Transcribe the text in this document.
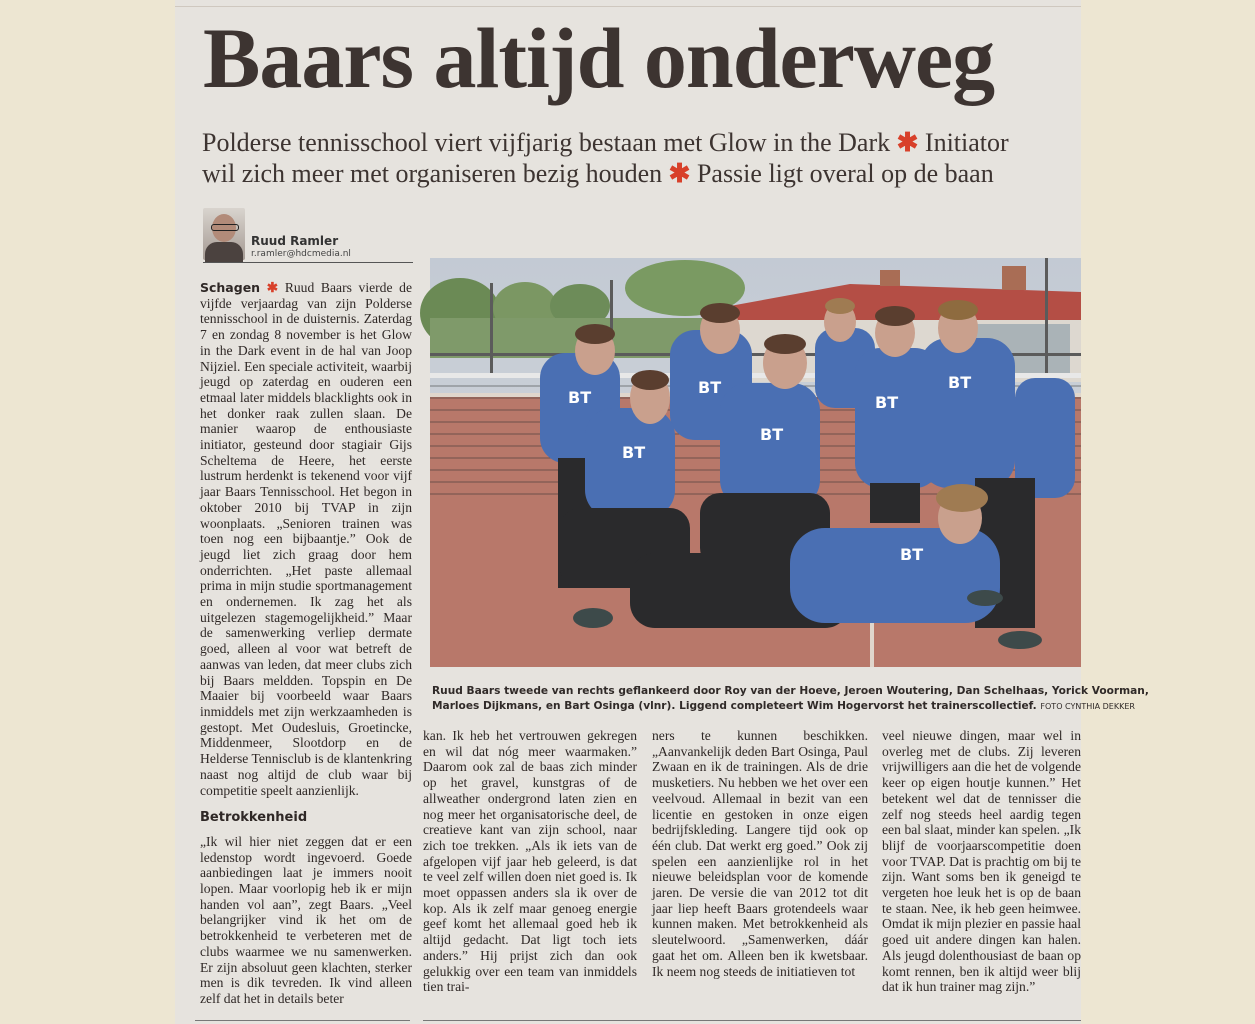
Baars altijd onderweg
Polderse tennisschool viert vijfjarig bestaan met Glow in the Dark ✱ Initiator
wil zich meer met organiseren bezig houden ✱ Passie ligt overal op de baan
Ruud Ramler
r.ramler@hdcmedia.nl

Schagen ✱ Ruud Baars vierde de vijfde verjaardag van zijn Polderse tennisschool in de duisternis. Zaterdag 7 en zondag 8 november is het Glow in the Dark event in de hal van Joop Nijziel. Een speciale activiteit, waarbij jeugd op zaterdag en ouderen een etmaal later middels blacklights ook in het donker raak zullen slaan. De manier waarop de enthousiaste initiator, gesteund door stagiair Gijs Scheltema de Heere, het eerste lustrum herdenkt is tekenend voor vijf jaar Baars Tennisschool. Het begon in oktober 2010 bij TVAP in zijn woonplaats. „Senioren trainen was toen nog een bijbaantje.” Ook de jeugd liet zich graag door hem onderrichten. „Het paste allemaal prima in mijn studie sportmanagement en ondernemen. Ik zag het als uitgelezen stagemogelijkheid.” Maar de samenwerking verliep dermate goed, alleen al voor wat betreft de aanwas van leden, dat meer clubs zich bij Baars meldden. Topspin en De Maaier bij voorbeeld waar Baars inmiddels met zijn werkzaamheden is gestopt. Met Oudesluis, Groetincke, Middenmeer, Slootdorp en de Helderse Tennisclub is de klantenkring naast nog altijd de club waar bij competitie speelt aanzienlijk.

Betrokkenheid

„Ik wil hier niet zeggen dat er een ledenstop wordt ingevoerd. Goede aanbiedingen laat je immers nooit lopen. Maar voorlopig heb ik er mijn handen vol aan”, zegt Baars. „Veel belangrijker vind ik het om de betrokkenheid te verbeteren met de clubs waarmee we nu samenwerken. Er zijn absoluut geen klachten, sterker men is dik tevreden. Ik vind alleen zelf dat het in details beter

BT
BT
BT
BT
BT
BT
BT
Ruud Baars tweede van rechts geflankeerd door Roy van der Hoeve, Jeroen Woutering, Dan Schelhaas, Yorick Voorman,
Marloes Dijkmans, en Bart Osinga (vlnr). Liggend completeert Wim Hogervorst het trainerscollectief. FOTO CYNTHIA DEKKER

kan. Ik heb het vertrouwen gekregen en wil dat nóg meer waarmaken.” Daarom ook zal de baas zich minder op het gravel, kunstgras of de allweather ondergrond laten zien en nog meer het organisatorische deel, de creatieve kant van zijn school, naar zich toe trekken. „Als ik iets van de afgelopen vijf jaar heb geleerd, is dat te veel zelf willen doen niet goed is. Ik moet oppassen anders sla ik over de kop. Als ik zelf maar genoeg energie geef komt het allemaal goed heb ik altijd gedacht. Dat ligt toch iets anders.” Hij prijst zich dan ook gelukkig over een team van inmiddels tien trai-

ners te kunnen beschikken. „Aanvankelijk deden Bart Osinga, Paul Zwaan en ik de trainingen. Als de drie musketiers. Nu hebben we het over een veelvoud. Allemaal in bezit van een licentie en gestoken in onze eigen bedrijfskleding. Langere tijd ook op één club. Dat werkt erg goed.” Ook zij spelen een aanzienlijke rol in het nieuwe beleidsplan voor de komende jaren. De versie die van 2012 tot dit jaar liep heeft Baars grotendeels waar kunnen maken. Met betrokkenheid als sleutelwoord. „Samenwerken, dáár gaat het om. Alleen ben ik kwetsbaar. Ik neem nog steeds de initiatieven tot

veel nieuwe dingen, maar wel in overleg met de clubs. Zij leveren vrijwilligers aan die het de volgende keer op eigen houtje kunnen.” Het betekent wel dat de tennisser die zelf nog steeds heel aardig tegen een bal slaat, minder kan spelen. „Ik blijf de voorjaarscompetitie doen voor TVAP. Dat is prachtig om bij te zijn. Want soms ben ik geneigd te vergeten hoe leuk het is op de baan te staan. Nee, ik heb geen heimwee. Omdat ik mijn plezier en passie haal goed uit andere dingen kan halen. Als jeugd dolenthousiast de baan op komt rennen, ben ik altijd weer blij dat ik hun trainer mag zijn.”
